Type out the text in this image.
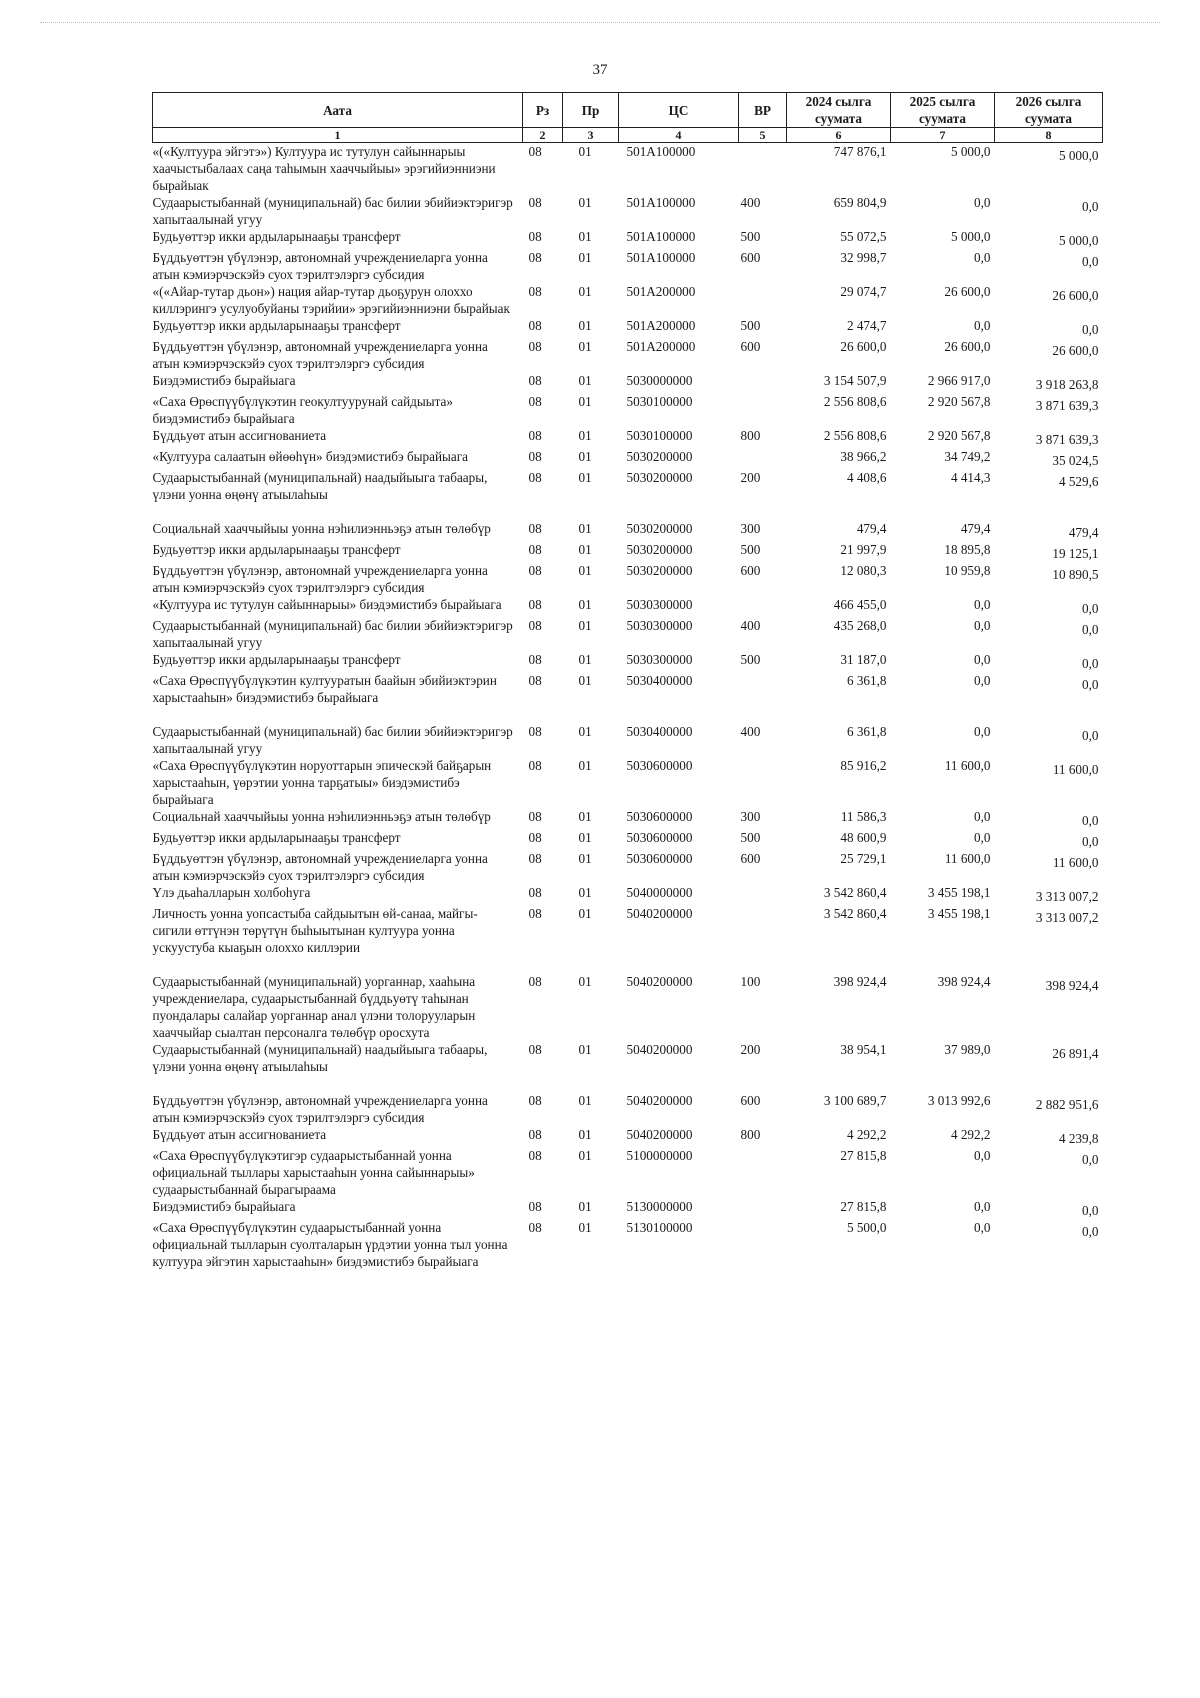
37
Аата	Рз	Пр	ЦС	ВР	2024 сылга суумата	2025 сылга суумата	2026 сылга суумата
1	2	3	4	5	6	7	8
«(«Култуура эйгэтэ») Култуура ис тутулун сайыннарыы хаачыстыбалаах саңа таһымын хааччыйыы» эрэгийиэнниэни бырайыак	08	01	501A100000		747 876,1	5 000,0	5 000,0
Судаарыстыбаннай (муниципальнай) бас билии эбийиэктэригэр хапытаалынай угуу	08	01	501A100000	400	659 804,9	0,0	0,0
Будьуөттэр икки ардыларынааҕы трансферт	08	01	501A100000	500	55 072,5	5 000,0	5 000,0
Бүддьуөттэн үбүлэнэр, автономнай учреждениеларга уонна атын кэмиэрчэскэйэ суох тэрилтэлэргэ субсидия	08	01	501A100000	600	32 998,7	0,0	0,0
«(«Айар-тутар дьон») нация айар-тутар дьоҕурун олоххо киллэрингэ усулуобуйаны тэрийии» эрэгийиэнниэни бырайыак	08	01	501A200000		29 074,7	26 600,0	26 600,0
Будьуөттэр икки ардыларынааҕы трансферт	08	01	501A200000	500	2 474,7	0,0	0,0
Бүддьуөттэн үбүлэнэр, автономнай учреждениеларга уонна атын кэмиэрчэскэйэ суох тэрилтэлэргэ субсидия	08	01	501A200000	600	26 600,0	26 600,0	26 600,0
Биэдэмистибэ бырайыага	08	01	5030000000		3 154 507,9	2 966 917,0	3 918 263,8
«Саха Өрөспүүбүлүкэтин геокултуурунай сайдыыта» биэдэмистибэ бырайыага	08	01	5030100000		2 556 808,6	2 920 567,8	3 871 639,3
Бүддьуөт атын ассигнованиета	08	01	5030100000	800	2 556 808,6	2 920 567,8	3 871 639,3
«Култуура салаатын өйөөһүн» биэдэмистибэ бырайыага	08	01	5030200000		38 966,2	34 749,2	35 024,5
Судаарыстыбаннай (муниципальнай) наадыйыыга табаары, үлэни уонна өңөнү атыылаһыы	08	01	5030200000	200	4 408,6	4 414,3	4 529,6
Социальнай хааччыйыы уонна нэһилиэнньэҕэ атын төлөбүр	08	01	5030200000	300	479,4	479,4	479,4
Будьуөттэр икки ардыларынааҕы трансферт	08	01	5030200000	500	21 997,9	18 895,8	19 125,1
Бүддьуөттэн үбүлэнэр, автономнай учреждениеларга уонна атын кэмиэрчэскэйэ суох тэрилтэлэргэ субсидия	08	01	5030200000	600	12 080,3	10 959,8	10 890,5
«Култуура ис тутулун сайыннарыы» биэдэмистибэ бырайыага	08	01	5030300000		466 455,0	0,0	0,0
Судаарыстыбаннай (муниципальнай) бас билии эбийиэктэригэр хапытаалынай угуу	08	01	5030300000	400	435 268,0	0,0	0,0
Будьуөттэр икки ардыларынааҕы трансферт	08	01	5030300000	500	31 187,0	0,0	0,0
«Саха Өрөспүүбүлүкэтин култууратын баайын эбийиэктэрин харыстааһын» биэдэмистибэ бырайыага	08	01	5030400000		6 361,8	0,0	0,0
Судаарыстыбаннай (муниципальнай) бас билии эбийиэктэригэр хапытаалынай угуу	08	01	5030400000	400	6 361,8	0,0	0,0
«Саха Өрөспүүбүлүкэтин норуоттарын эпическэй байҕарын харыстааһын, үөрэтии уонна тарҕатыы» биэдэмистибэ бырайыага	08	01	5030600000		85 916,2	11 600,0	11 600,0
Социальнай хааччыйыы уонна нэһилиэнньэҕэ атын төлөбүр	08	01	5030600000	300	11 586,3	0,0	0,0
Будьуөттэр икки ардыларынааҕы трансферт	08	01	5030600000	500	48 600,9	0,0	0,0
Бүддьуөттэн үбүлэнэр, автономнай учреждениеларга уонна атын кэмиэрчэскэйэ суох тэрилтэлэргэ субсидия	08	01	5030600000	600	25 729,1	11 600,0	11 600,0
Үлэ дьаһалларын холбоһуга	08	01	5040000000		3 542 860,4	3 455 198,1	3 313 007,2
Личность уонна уопсастыба сайдыытын өй-санаа, майгы-сигили өттүнэн төрүтүн быһыытынан култуура уонна ускуустуба кыаҕын олоххо киллэрии	08	01	5040200000		3 542 860,4	3 455 198,1	3 313 007,2
Судаарыстыбаннай (муниципальнай) уорганнар, хааһына учреждениелара, судаарыстыбаннай бүддьуөтү таһынан пуондалары салайар уорганнар анал үлэни толорууларын хааччыйар сыалтан персоналга төлөбүр оросхута	08	01	5040200000	100	398 924,4	398 924,4	398 924,4
Судаарыстыбаннай (муниципальнай) наадыйыыга табаары, үлэни уонна өңөнү атыылаһыы	08	01	5040200000	200	38 954,1	37 989,0	26 891,4
Бүддьуөттэн үбүлэнэр, автономнай учреждениеларга уонна атын кэмиэрчэскэйэ суох тэрилтэлэргэ субсидия	08	01	5040200000	600	3 100 689,7	3 013 992,6	2 882 951,6
Бүддьуөт атын ассигнованиета	08	01	5040200000	800	4 292,2	4 292,2	4 239,8
«Саха Өрөспүүбүлүкэтигэр судаарыстыбаннай уонна официальнай тыллары харыстааһын уонна сайыннарыы» судаарыстыбаннай бырагыраама	08	01	5100000000		27 815,8	0,0	0,0
Биэдэмистибэ бырайыага	08	01	5130000000		27 815,8	0,0	0,0
«Саха Өрөспүүбүлүкэтин судаарыстыбаннай уонна официальнай тылларын суолталарын үрдэтии уонна тыл уонна култуура эйгэтин харыстааһын» биэдэмистибэ бырайыага	08	01	5130100000		5 500,0	0,0	0,0
